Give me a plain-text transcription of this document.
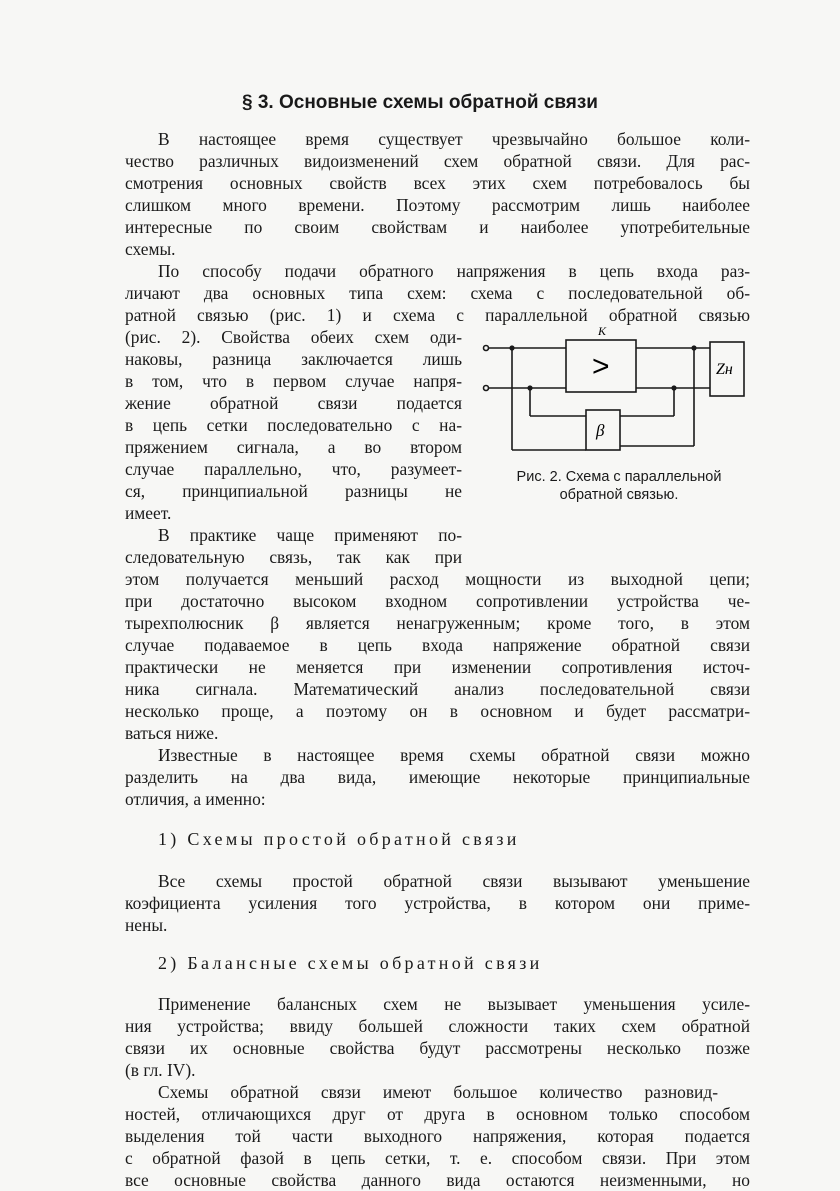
§ 3. Основные схемы обратной связи
В настоящее время существует чрезвычайно большое коли-
чество различных видоизменений схем обратной связи. Для рас-
смотрения основных свойств всех этих схем потребовалось бы
слишком много времени. Поэтому рассмотрим лишь наиболее
интересные по своим свойствам и наиболее употребительные
схемы.
По способу подачи обратного напряжения в цепь входа раз-
личают два основных типа схем: схема с последовательной об-
ратной связью (рис. 1) и схема с параллельной обратной связью
(рис. 2). Свойства обеих схем оди-
наковы, разница заключается лишь
в том, что в первом случае напря-
жение обратной связи подается
в цепь сетки последовательно с на-
пряжением сигнала, а во втором
случае параллельно, что, разумеет-
ся, принципиальной разницы не
имеет.
В практике чаще применяют по-
следовательную связь, так как при
этом получается меньший расход мощности из выходной цепи;
при достаточно высоком входном сопротивлении устройства че-
тырехполюсник β является ненагруженным; кроме того, в этом
случае подаваемое в цепь входа напряжение обратной связи
практически не меняется при изменении сопротивления источ-
ника сигнала. Математический анализ последовательной связи
несколько проще, а поэтому он в основном и будет рассматри-
ваться ниже.
Известные в настоящее время схемы обратной связи можно
разделить на два вида, имеющие некоторые принципиальные
отличия, а именно:
1) Схемы простой обратной связи
Все схемы простой обратной связи вызывают уменьшение
коэфициента усиления того устройства, в котором они приме-
нены.
2) Балансные схемы обратной связи
Применение балансных схем не вызывает уменьшения усиле-
ния устройства; ввиду большей сложности таких схем обратной
связи их основные свойства будут рассмотрены несколько позже
(в гл. IV).
Схемы обратной связи имеют большое количество разновид-
ностей, отличающихся друг от друга в основном только способом
выделения той части выходного напряжения, которая подается
с обратной фазой в цепь сетки, т. е. способом связи. При этом
все основные свойства данного вида остаются неизменными, но
K
>	Zн
β
Рис. 2. Схема с параллельной
обратной связью.
